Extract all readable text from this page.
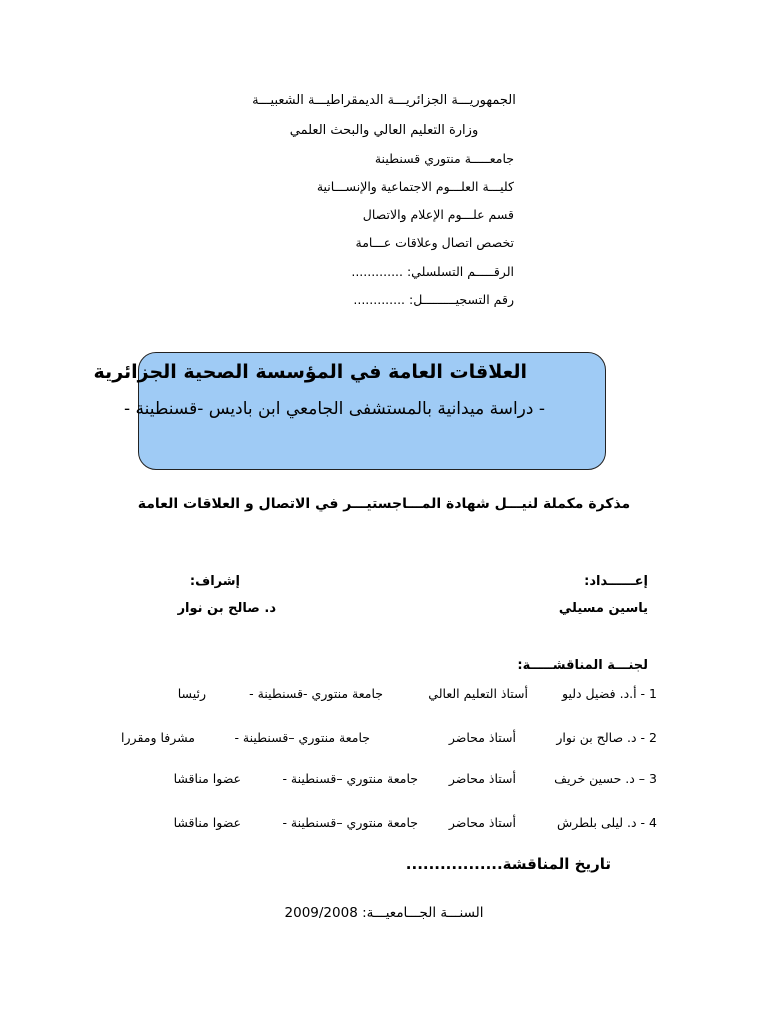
الجمهوريـــة الجزائريـــة الديمقراطيـــة الشعبيـــة
وزارة التعليم العالي والبحث العلمي
جامعـــــة منتوري قسنطينة
كليـــة العلـــوم الاجتماعية والإنســـانية
قسم علـــوم الإعلام والاتصال
تخصص اتصال وعلاقات عـــامة
الرقـــــم التسلسلي: .............
رقم التسجيـــــــــل: .............
العلاقات العامة في المؤسسة الصحية الجزائرية
- دراسة ميدانية بالمستشفى الجامعي ابن باديس -قسنطينة -
مذكرة مكملة لنيـــل شهادة المـــاجستيـــر في الاتصال و العلاقات العامة
إعــــــداد:
ياسين مسيلي
إشراف:
د. صالح بن نوار
لجنـــة المناقشـــــة:
1 - أ.د. فضيل دليو
أستاذ التعليم العالي
جامعة منتوري -قسنطينة -
رئيسا
2 - د. صالح بن نوار
أستاذ محاضر
جامعة منتوري –قسنطينة -
مشرفا ومقررا
3 – د. حسين خريف
أستاذ محاضر
جامعة منتوري –قسنطينة -
عضوا مناقشا
4 - د. ليلى بلطرش
أستاذ محاضر
جامعة منتوري –قسنطينة -
عضوا مناقشا
تاريخ المناقشة.................
السنـــة الجـــامعيـــة: 2009/2008
